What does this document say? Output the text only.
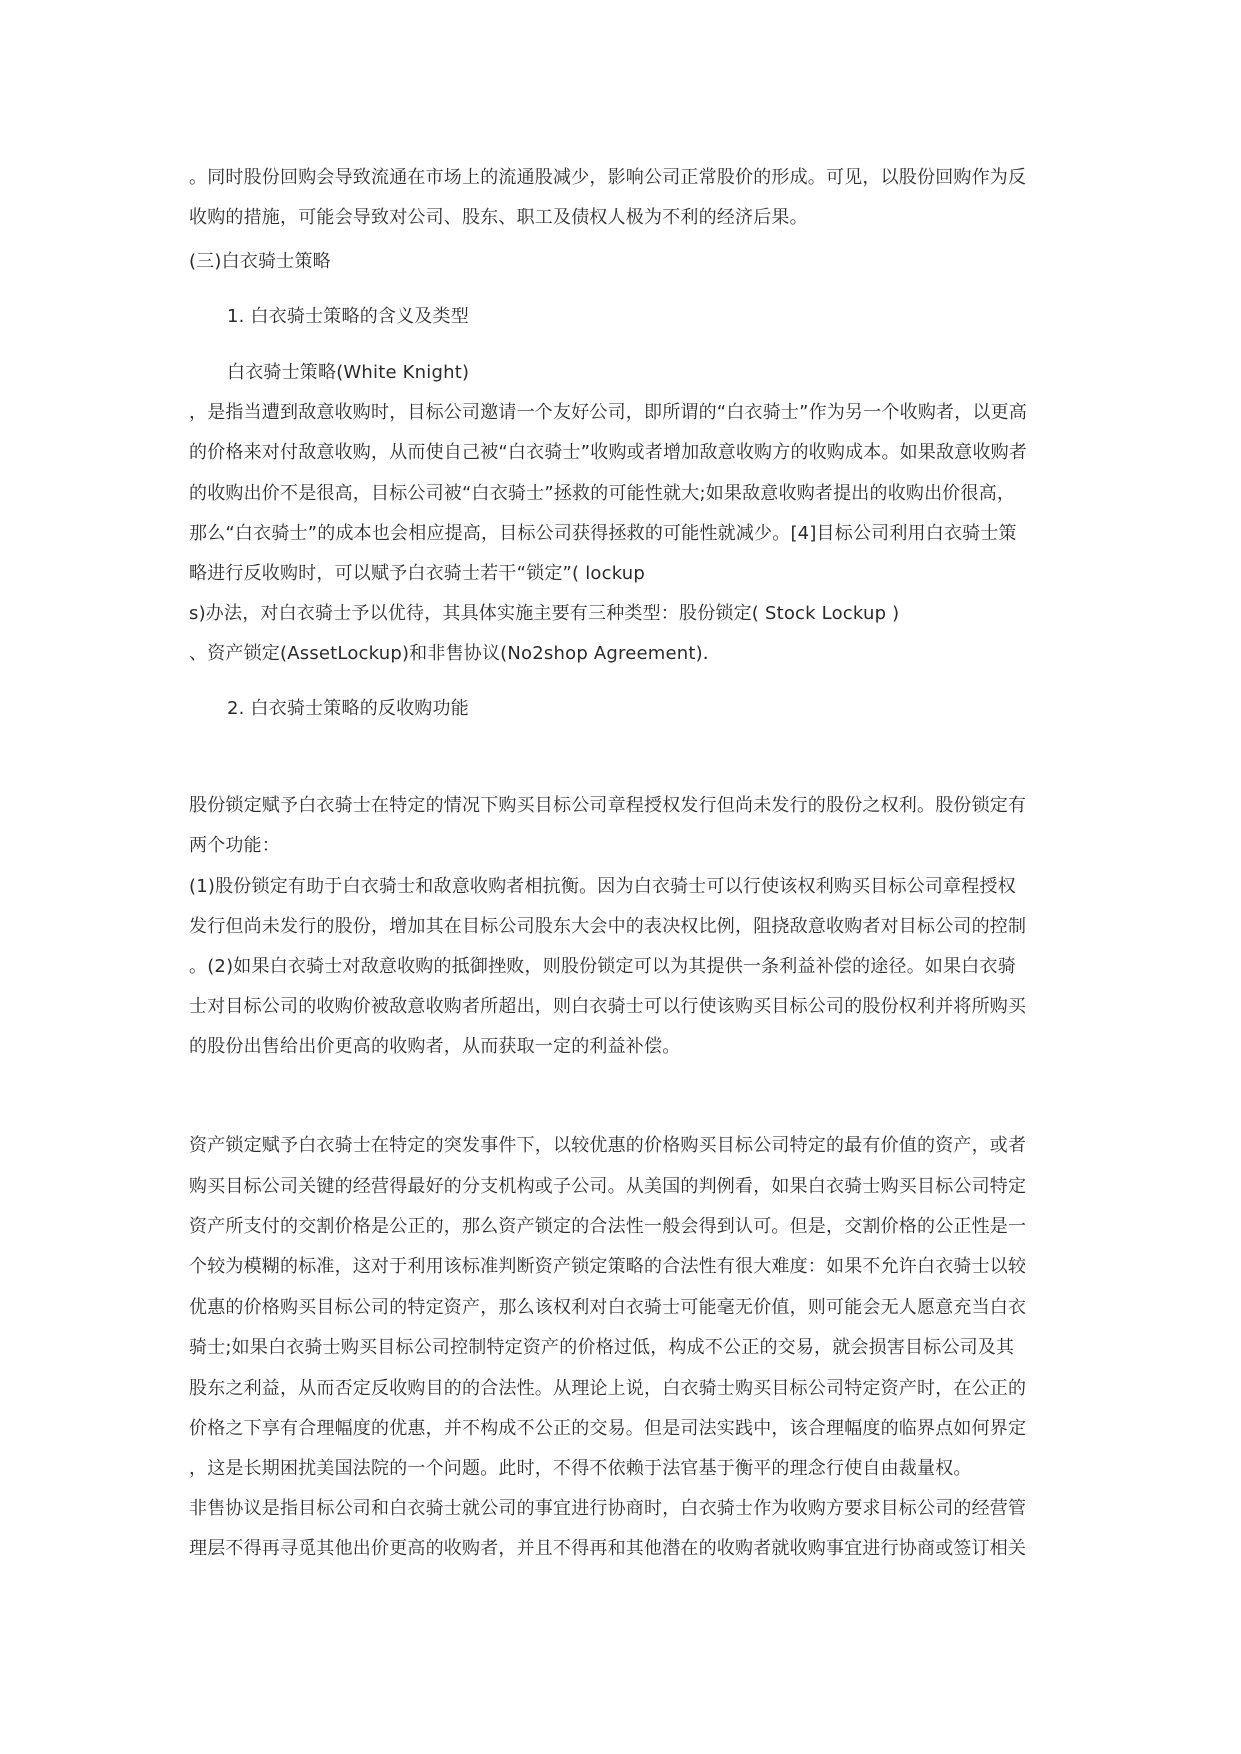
。同时股份回购会导致流通在市场上的流通股减少，影响公司正常股价的形成。可见，以股份回购作为反
收购的措施，可能会导致对公司、股东、职工及债权人极为不利的经济后果。
(三)白衣骑士策略
1. 白衣骑士策略的含义及类型
白衣骑士策略(White Knight)
，是指当遭到敌意收购时，目标公司邀请一个友好公司，即所谓的“白衣骑士”作为另一个收购者，以更高
的价格来对付敌意收购，从而使自己被“白衣骑士”收购或者增加敌意收购方的收购成本。如果敌意收购者
的收购出价不是很高，目标公司被“白衣骑士”拯救的可能性就大;如果敌意收购者提出的收购出价很高，
那么“白衣骑士”的成本也会相应提高，目标公司获得拯救的可能性就减少。[4]目标公司利用白衣骑士策
略进行反收购时，可以赋予白衣骑士若干“锁定”( lockup
s)办法，对白衣骑士予以优待，其具体实施主要有三种类型：股份锁定( Stock Lockup )
、资产锁定(AssetLockup)和非售协议(No2shop Agreement)．
2. 白衣骑士策略的反收购功能
股份锁定赋予白衣骑士在特定的情况下购买目标公司章程授权发行但尚未发行的股份之权利。股份锁定有
两个功能：
(1)股份锁定有助于白衣骑士和敌意收购者相抗衡。因为白衣骑士可以行使该权利购买目标公司章程授权
发行但尚未发行的股份，增加其在目标公司股东大会中的表决权比例，阻挠敌意收购者对目标公司的控制
。(2)如果白衣骑士对敌意收购的抵御挫败，则股份锁定可以为其提供一条利益补偿的途径。如果白衣骑
士对目标公司的收购价被敌意收购者所超出，则白衣骑士可以行使该购买目标公司的股份权利并将所购买
的股份出售给出价更高的收购者，从而获取一定的利益补偿。
资产锁定赋予白衣骑士在特定的突发事件下，以较优惠的价格购买目标公司特定的最有价值的资产，或者
购买目标公司关键的经营得最好的分支机构或子公司。从美国的判例看，如果白衣骑士购买目标公司特定
资产所支付的交割价格是公正的，那么资产锁定的合法性一般会得到认可。但是，交割价格的公正性是一
个较为模糊的标准，这对于利用该标准判断资产锁定策略的合法性有很大难度：如果不允许白衣骑士以较
优惠的价格购买目标公司的特定资产，那么该权利对白衣骑士可能毫无价值，则可能会无人愿意充当白衣
骑士;如果白衣骑士购买目标公司控制特定资产的价格过低，构成不公正的交易，就会损害目标公司及其
股东之利益，从而否定反收购目的的合法性。从理论上说，白衣骑士购买目标公司特定资产时，在公正的
价格之下享有合理幅度的优惠，并不构成不公正的交易。但是司法实践中，该合理幅度的临界点如何界定
，这是长期困扰美国法院的一个问题。此时，不得不依赖于法官基于衡平的理念行使自由裁量权。
非售协议是指目标公司和白衣骑士就公司的事宜进行协商时，白衣骑士作为收购方要求目标公司的经营管
理层不得再寻觅其他出价更高的收购者，并且不得再和其他潜在的收购者就收购事宜进行协商或签订相关
